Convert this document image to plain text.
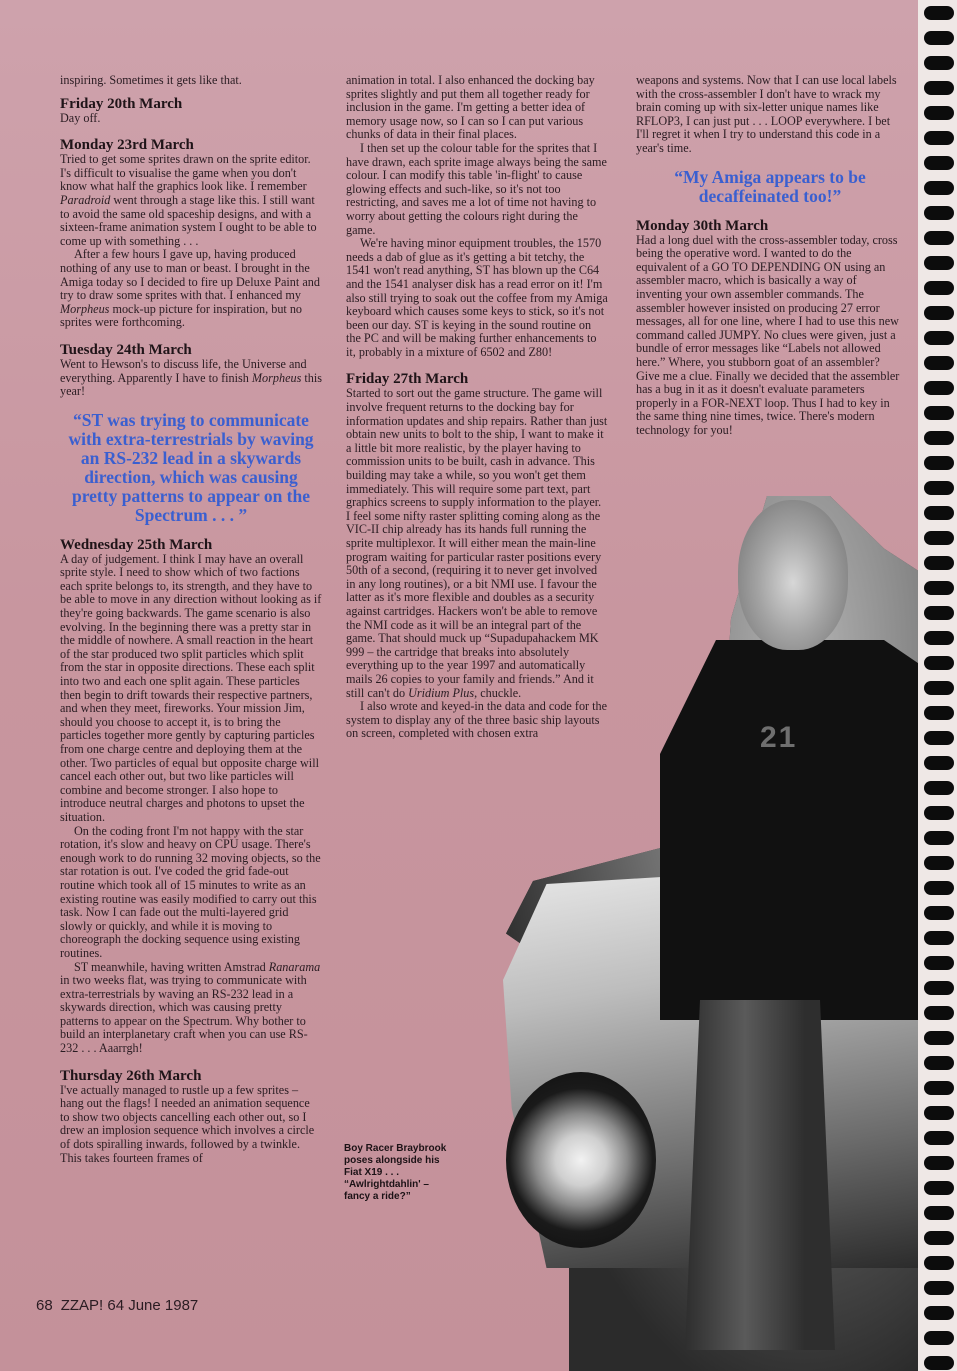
21

inspiring. Sometimes it gets like that.

Friday 20th March

Day off.

Monday 23rd March

Tried to get some sprites drawn on the sprite editor. I's difficult to visualise the game when you don't know what half the graphics look like. I remember Paradroid went through a stage like this. I still want to avoid the same old spaceship designs, and with a sixteen-frame animation system I ought to be able to come up with something . . .

After a few hours I gave up, having produced nothing of any use to man or beast. I brought in the Amiga today so I decided to fire up Deluxe Paint and try to draw some sprites with that. I enhanced my Morpheus mock-up picture for inspiration, but no sprites were forthcoming.

Tuesday 24th March

Went to Hewson's to discuss life, the Universe and everything. Apparently I have to finish Morpheus this year!

“ST was trying to communicate with extra-terrestrials by waving an RS-232 lead in a skywards direction, which was causing pretty patterns to appear on the Spectrum . . . ”

Wednesday 25th March

A day of judgement. I think I may have an overall sprite style. I need to show which of two factions each sprite belongs to, its strength, and they have to be able to move in any direction without looking as if they're going backwards. The game scenario is also evolving. In the beginning there was a pretty star in the middle of nowhere. A small reaction in the heart of the star produced two split particles which split from the star in opposite directions. These each split into two and each one split again. These particles then begin to drift towards their respective partners, and when they meet, fireworks. Your mission Jim, should you choose to accept it, is to bring the particles together more gently by capturing particles from one charge centre and deploying them at the other. Two particles of equal but opposite charge will cancel each other out, but two like particles will combine and become stronger. I also hope to introduce neutral charges and photons to upset the situation.

On the coding front I'm not happy with the star rotation, it's slow and heavy on CPU usage. There's enough work to do running 32 moving objects, so the star rotation is out. I've coded the grid fade-out routine which took all of 15 minutes to write as an existing routine was easily modified to carry out this task. Now I can fade out the multi-layered grid slowly or quickly, and while it is moving to choreograph the docking sequence using existing routines.

ST meanwhile, having written Amstrad Ranarama in two weeks flat, was trying to communicate with extra-terrestrials by waving an RS-232 lead in a skywards direction, which was causing pretty patterns to appear on the Spectrum. Why bother to build an interplanetary craft when you can use RS-232 . . . Aaarrgh!

Thursday 26th March

I've actually managed to rustle up a few sprites – hang out the flags! I needed an animation sequence to show two objects cancelling each other out, so I drew an implosion sequence which involves a circle of dots spiralling inwards, followed by a twinkle. This takes fourteen frames of

animation in total. I also enhanced the docking bay sprites slightly and put them all together ready for inclusion in the game. I'm getting a better idea of memory usage now, so I can so I can put various chunks of data in their final places.

I then set up the colour table for the sprites that I have drawn, each sprite image always being the same colour. I can modify this table 'in-flight' to cause glowing effects and such-like, so it's not too restricting, and saves me a lot of time not having to worry about getting the colours right during the game.

We're having minor equipment troubles, the 1570 needs a dab of glue as it's getting a bit tetchy, the 1541 won't read anything, ST has blown up the C64 and the 1541 analyser disk has a read error on it! I'm also still trying to soak out the coffee from my Amiga keyboard which causes some keys to stick, so it's not been our day. ST is keying in the sound routine on the PC and will be making further enhancements to it, probably in a mixture of 6502 and Z80!

Friday 27th March

Started to sort out the game structure. The game will involve frequent returns to the docking bay for information updates and ship repairs. Rather than just obtain new units to bolt to the ship, I want to make it a little bit more realistic, by the player having to commission units to be built, cash in advance. This building may take a while, so you won't get them immediately. This will require some part text, part graphics screens to supply information to the player. I feel some nifty raster splitting coming along as the VIC-II chip already has its hands full running the sprite multiplexor. It will either mean the main-line program waiting for particular raster positions every 50th of a second, (requiring it to never get involved in any long routines), or a bit NMI use. I favour the latter as it's more flexible and doubles as a security against cartridges. Hackers won't be able to remove the NMI code as it will be an integral part of the game. That should muck up “Supadupahackem MK 999 – the cartridge that breaks into absolutely everything up to the year 1997 and automatically mails 26 copies to your family and friends.” And it still can't do Uridium Plus, chuckle.

I also wrote and keyed-in the data and code for the system to display any of the three basic ship layouts on screen, completed with chosen extra

weapons and systems. Now that I can use local labels with the cross-assembler I don't have to wrack my brain coming up with six-letter unique names like RFLOP3, I can just put . . . LOOP everywhere. I bet I'll regret it when I try to understand this code in a year's time.

“My Amiga appears to be decaffeinated too!”

Monday 30th March

Had a long duel with the cross-assembler today, cross being the operative word. I wanted to do the equivalent of a GO TO DEPENDING ON using an assembler macro, which is basically a way of inventing your own assembler commands. The assembler however insisted on producing 27 error messages, all for one line, where I had to use this new command called JUMPY. No clues were given, just a bundle of error messages like “Labels not allowed here.” Where, you stubborn goat of an assembler? Give me a clue. Finally we decided that the assembler has a bug in it as it doesn't evaluate parameters properly in a FOR-NEXT loop. Thus I had to key in the same thing nine times, twice. There's modern technology for you!

Boy Racer Braybrook

poses alongside his

Fiat X19 . . .

“Awlrightdahlin' –

fancy a ride?”

68 ZZAP! 64 June 1987
